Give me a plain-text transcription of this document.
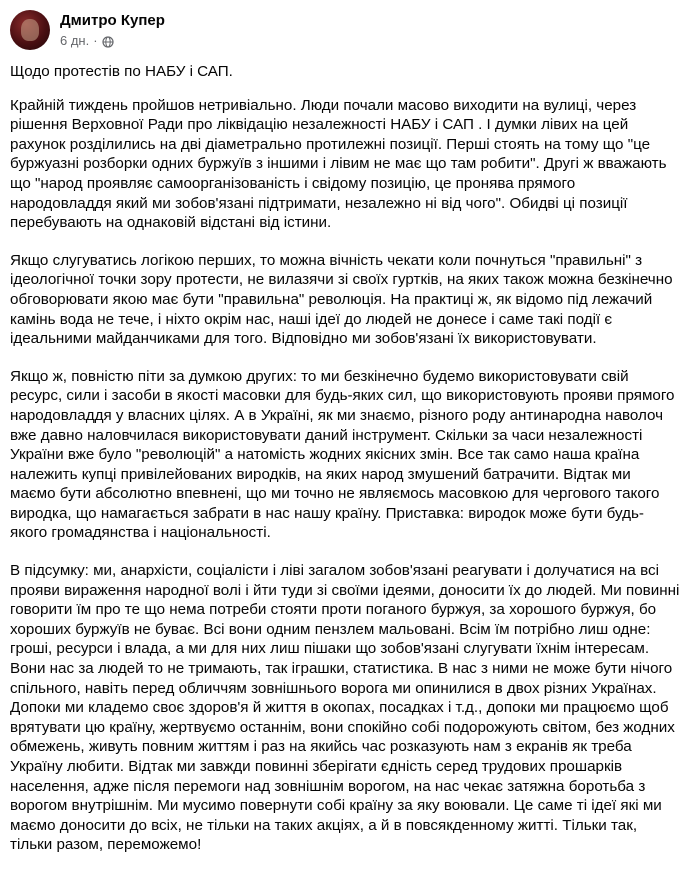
Дмитро Купер
6 дн. ·

Щодо протестів по НАБУ і САП.

Крайній тиждень пройшов нетривіально. Люди почали масово виходити на вулиці, через рішення Верховної Ради про ліквідацію незалежності НАБУ і САП . І думки лівих на цей рахунок розділились на дві діаметрально протилежні позиції. Перші стоять на тому що "це буржуазні розборки одних буржуїв з іншими і лівим не має що там робити". Другі ж вважають що "народ проявляє самоорганізованість і свідому позицію, це пронява прямого народовладдя який ми зобов'язані підтримати, незалежно ні від чого". Обидві ці позиції перебувають на однаковій відстані від істини.

Якщо слугуватись логікою перших, то можна вічність чекати коли почнуться "правильні" з ідеологічної точки зору протести, не вилазячи зі своїх гуртків, на яких також можна безкінечно обговорювати якою має бути "правильна" революція. На практиці ж, як відомо під лежачий камінь вода не тече, і ніхто окрім нас, наші ідеї до людей не донесе і саме такі події є ідеальними майданчиками для того. Відповідно ми зобов'язані їх використовувати.

Якщо ж, повністю піти за думкою других: то ми безкінечно будемо використовувати свій ресурс, сили і засоби в якості масовки для будь-яких сил, що використовують прояви прямого народовладдя у власних цілях. А в Україні, як ми знаємо, різного роду антинародна наволоч вже давно наловчилася використовувати даний інструмент. Скільки за часи незалежності України вже було "революцій" а натомість жодних якісних змін. Все так само наша країна належить купці привілейованих виродків, на яких народ змушений батрачити. Відтак ми маємо бути абсолютно впевнені, що ми точно не являємось масовкою для чергового такого виродка, що намагається забрати в нас нашу країну. Приставка: виродок може бути будь-якого громадянства і національності.

В підсумку: ми, анархісти, соціалісти і ліві загалом зобов'язані реагувати і долучатися на всі прояви вираження народної волі і йти туди зі своїми ідеями, доносити їх до людей. Ми повинні говорити їм про те що нема потреби стояти проти поганого буржуя, за хорошого буржуя, бо хороших буржуїв не буває. Всі вони одним пензлем мальовані. Всім їм потрібно лиш одне: гроші, ресурси і влада, а ми для них лиш пішаки що зобов'язані слугувати їхнім інтересам. Вони нас за людей то не тримають, так іграшки, статистика. В нас з ними не може бути нічого спільного, навіть перед обличчям зовнішнього ворога ми опинилися в двох різних Українах. Допоки ми кладемо своє здоров'я й життя в окопах, посадках і т.д., допоки ми працюємо щоб врятувати цю країну, жертвуємо останнім, вони спокійно собі подорожують світом, без жодних обмежень, живуть повним життям і раз на якийсь час розказують нам з екранів як треба Україну любити. Відтак ми завжди повинні зберігати єдність серед трудових прошарків населення, адже після перемоги над зовнішнім ворогом, на нас чекає затяжна боротьба з ворогом внутрішнім. Ми мусимо повернути собі країну за яку воювали. Це саме ті ідеї які ми маємо доносити до всіх, не тільки на таких акціях, а й в повсякденному житті. Тільки так, тільки разом, переможемо!
